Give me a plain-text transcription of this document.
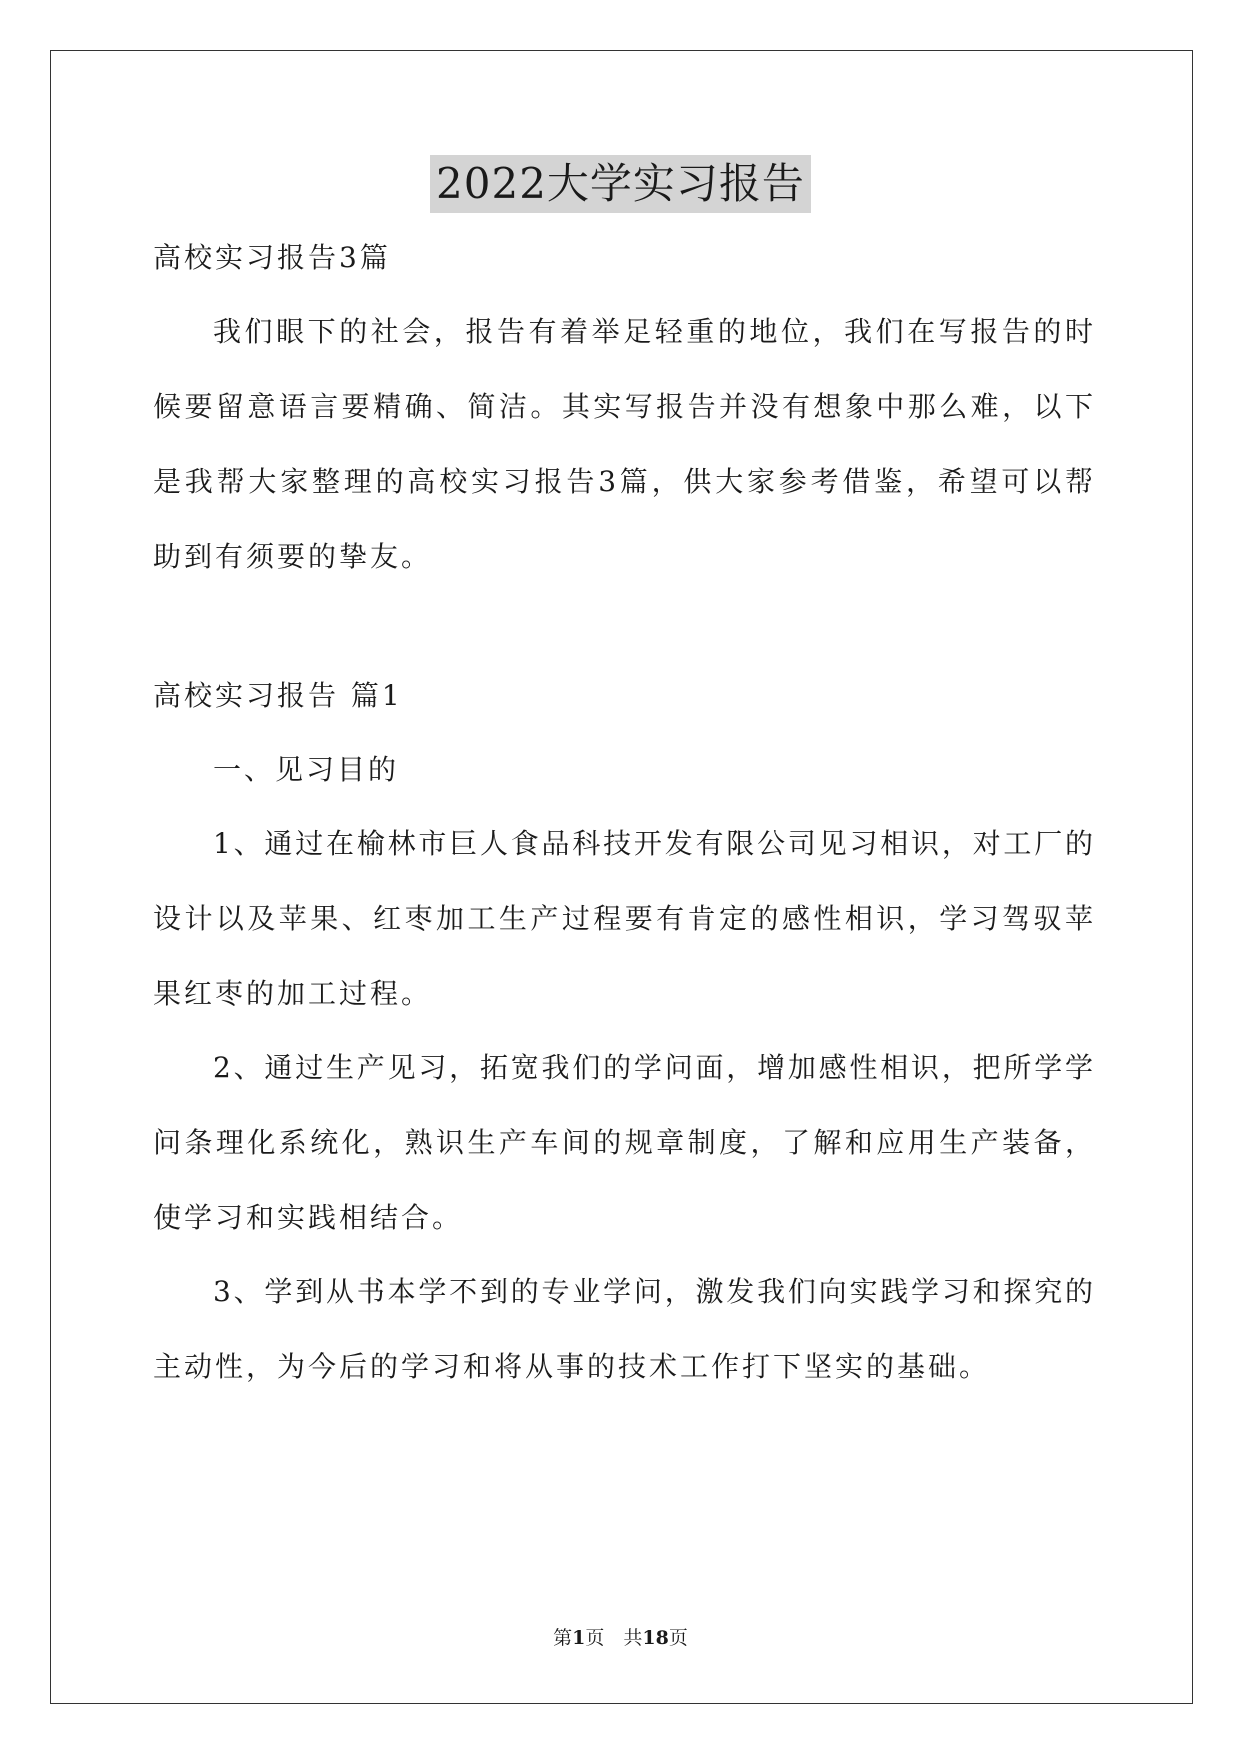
2022大学实习报告
高校实习报告3篇
我们眼下的社会，报告有着举足轻重的地位，我们在写报告的时
候要留意语言要精确、简洁。其实写报告并没有想象中那么难，以下
是我帮大家整理的高校实习报告3篇，供大家参考借鉴，希望可以帮
助到有须要的挚友。
高校实习报告 篇1
一、见习目的
1、通过在榆林市巨人食品科技开发有限公司见习相识，对工厂的
设计以及苹果、红枣加工生产过程要有肯定的感性相识，学习驾驭苹
果红枣的加工过程。
2、通过生产见习，拓宽我们的学问面，增加感性相识，把所学学
问条理化系统化，熟识生产车间的规章制度，了解和应用生产装备，
使学习和实践相结合。
3、学到从书本学不到的专业学问，激发我们向实践学习和探究的
主动性，为今后的学习和将从事的技术工作打下坚实的基础。
第1页　共18页
